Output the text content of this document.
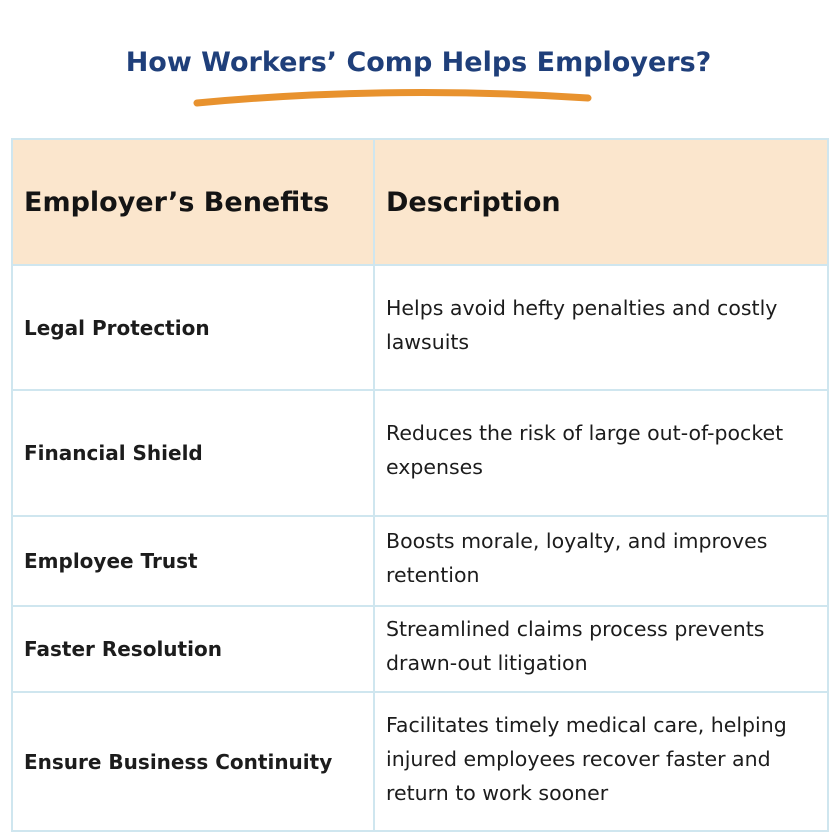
How Workers’ Comp Helps Employers?
Employer’s Benefits	Description
Legal Protection	Helps avoid hefty penalties and costly lawsuits
Financial Shield	Reduces the risk of large out-of-pocket expenses
Employee Trust	Boosts morale, loyalty, and improves retention
Faster Resolution	Streamlined claims process prevents drawn-out litigation
Ensure Business Continuity	Facilitates timely medical care, helping injured employees recover faster and return to work sooner
